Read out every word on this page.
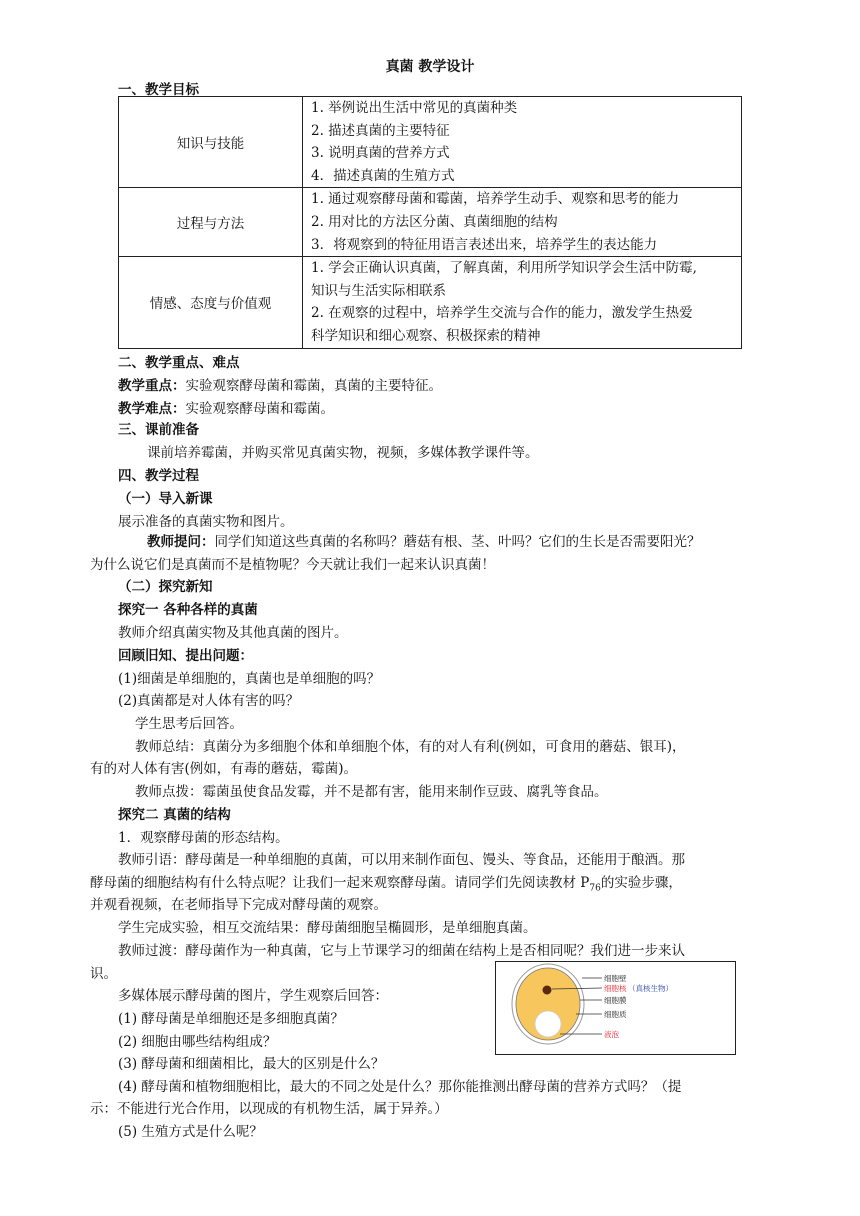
真菌 教学设计
一、教学目标
知识与技能	1. 举例说出生活中常见的真菌种类
2. 描述真菌的主要特征
3. 说明真菌的营养方式
4．描述真菌的生殖方式

过程与方法	1. 通过观察酵母菌和霉菌，培养学生动手、观察和思考的能力
2. 用对比的方法区分菌、真菌细胞的结构
3．将观察到的特征用语言表述出来，培养学生的表达能力

情感、态度与价值观	1. 学会正确认识真菌，了解真菌，利用所学知识学会生活中防霉,
知识与生活实际相联系
2. 在观察的过程中，培养学生交流与合作的能力，激发学生热爱
科学知识和细心观察、积极探索的精神
二、教学重点、难点
教学重点：实验观察酵母菌和霉菌，真菌的主要特征。
教学难点：实验观察酵母菌和霉菌。
三、课前准备
课前培养霉菌，并购买常见真菌实物，视频，多媒体教学课件等。
四、教学过程
（一）导入新课
展示准备的真菌实物和图片。
教师提问：同学们知道这些真菌的名称吗？蘑菇有根、茎、叶吗？它们的生长是否需要阳光？
为什么说它们是真菌而不是植物呢？今天就让我们一起来认识真菌！
（二）探究新知
探究一 各种各样的真菌
教师介绍真菌实物及其他真菌的图片。
回顾旧知、提出问题：
(1)细菌是单细胞的，真菌也是单细胞的吗？
(2)真菌都是对人体有害的吗？
学生思考后回答。
教师总结：真菌分为多细胞个体和单细胞个体，有的对人有利(例如，可食用的蘑菇、银耳)，
有的对人体有害(例如，有毒的蘑菇，霉菌)。
教师点拨：霉菌虽使食品发霉，并不是都有害，能用来制作豆豉、腐乳等食品。
探究二 真菌的结构
1．观察酵母菌的形态结构。
教师引语：酵母菌是一种单细胞的真菌，可以用来制作面包、馒头、等食品，还能用于酿酒。那
酵母菌的细胞结构有什么特点呢？让我们一起来观察酵母菌。请同学们先阅读教材 $P_{76}$的实验步骤，
并观看视频，在老师指导下完成对酵母菌的观察。
学生完成实验，相互交流结果：酵母菌细胞呈椭圆形，是单细胞真菌。
教师过渡：酵母菌作为一种真菌，它与上节课学习的细菌在结构上是否相同呢？我们进一步来认
识。
多媒体展示酵母菌的图片，学生观察后回答：
(1) 酵母菌是单细胞还是多细胞真菌？
(2) 细胞由哪些结构组成？
(3) 酵母菌和细菌相比，最大的区别是什么？
(4) 酵母菌和植物细胞相比，最大的不同之处是什么？那你能推测出酵母菌的营养方式吗？（提
示：不能进行光合作用，以现成的有机物生活，属于异养。）
(5) 生殖方式是什么呢？
细胞壁
细胞核 （真核生物）
细胞膜
细胞质
液泡
